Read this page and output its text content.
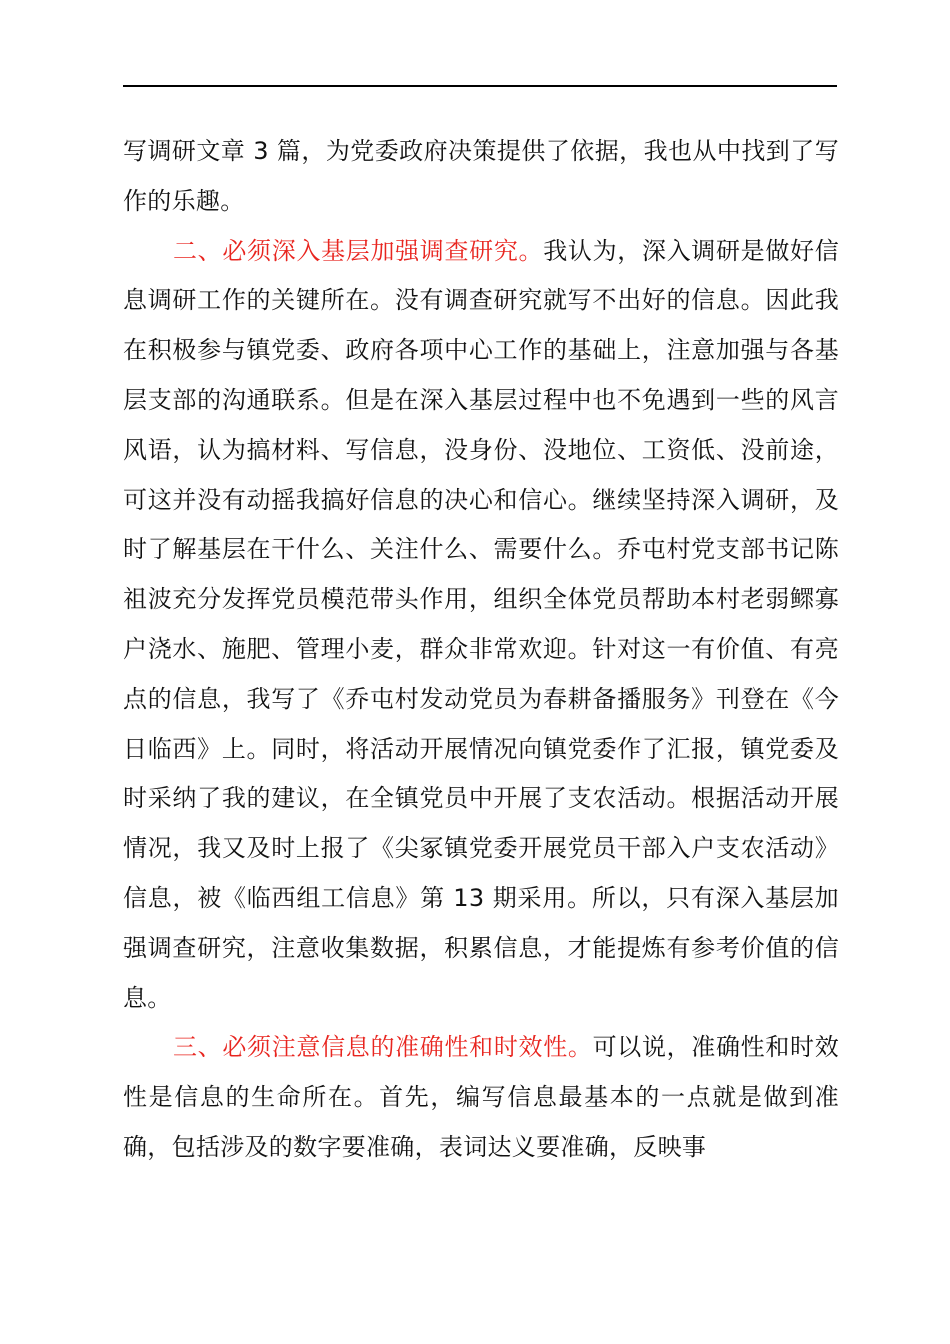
写调研文章 3 篇，为党委政府决策提供了依据，我也从中找到了写作的乐趣。

二、必须深入基层加强调查研究。我认为，深入调研是做好信息调研工作的关键所在。没有调查研究就写不出好的信息。因此我在积极参与镇党委、政府各项中心工作的基础上，注意加强与各基层支部的沟通联系。但是在深入基层过程中也不免遇到一些的风言风语，认为搞材料、写信息，没身份、没地位、工资低、没前途，可这并没有动摇我搞好信息的决心和信心。继续坚持深入调研，及时了解基层在干什么、关注什么、需要什么。乔屯村党支部书记陈祖波充分发挥党员模范带头作用，组织全体党员帮助本村老弱鳏寡户浇水、施肥、管理小麦，群众非常欢迎。针对这一有价值、有亮点的信息，我写了《乔屯村发动党员为春耕备播服务》刊登在《今日临西》上。同时，将活动开展情况向镇党委作了汇报，镇党委及时采纳了我的建议，在全镇党员中开展了支农活动。根据活动开展情况，我又及时上报了《尖冢镇党委开展党员干部入户支农活动》信息，被《临西组工信息》第 13 期采用。所以，只有深入基层加强调查研究，注意收集数据，积累信息，才能提炼有参考价值的信息。

三、必须注意信息的准确性和时效性。可以说，准确性和时效性是信息的生命所在。首先，编写信息最基本的一点就是做到准确，包括涉及的数字要准确，表词达义要准确，反映事
